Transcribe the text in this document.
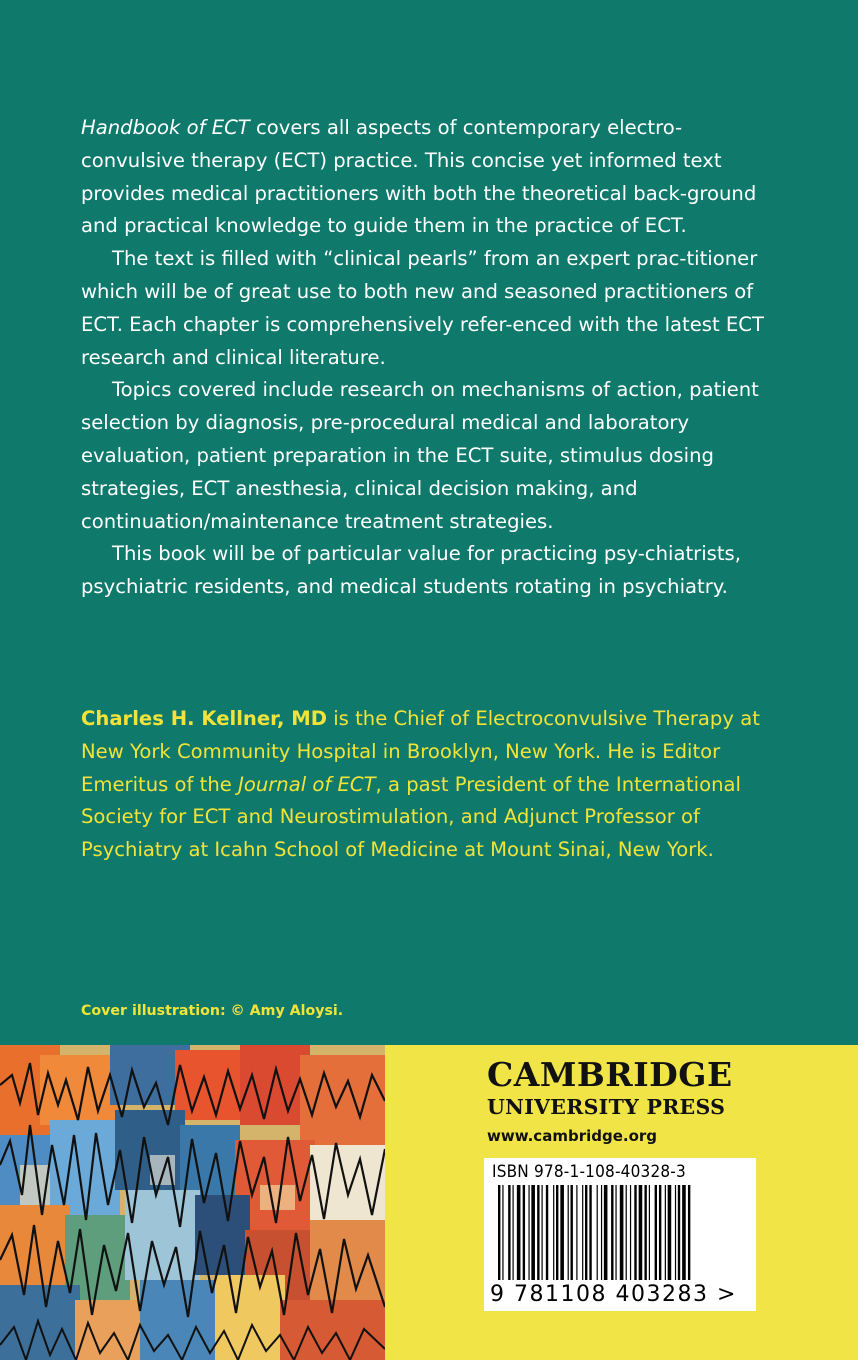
Handbook of ECT covers all aspects of contemporary electro-convulsive therapy (ECT) practice. This concise yet informed text provides medical practitioners with both the theoretical back-ground and practical knowledge to guide them in the practice of ECT.

The text is filled with “clinical pearls” from an expert prac-titioner which will be of great use to both new and seasoned practitioners of ECT. Each chapter is comprehensively refer-enced with the latest ECT research and clinical literature.

Topics covered include research on mechanisms of action, patient selection by diagnosis, pre-procedural medical and laboratory evaluation, patient preparation in the ECT suite, stimulus dosing strategies, ECT anesthesia, clinical decision making, and continuation/maintenance treatment strategies.

This book will be of particular value for practicing psy-chiatrists, psychiatric residents, and medical students rotating in psychiatry.

Charles H. Kellner, MD is the Chief of Electroconvulsive Therapy at New York Community Hospital in Brooklyn, New York. He is Editor Emeritus of the Journal of ECT, a past President of the International Society for ECT and Neurostimulation, and Adjunct Professor of Psychiatry at Icahn School of Medicine at Mount Sinai, New York.
Cover illustration: © Amy Aloysi.
CAMBRIDGE
UNIVERSITY PRESS
www.cambridge.org
ISBN 978-1-108-40328-3
9 781108 403283 >
